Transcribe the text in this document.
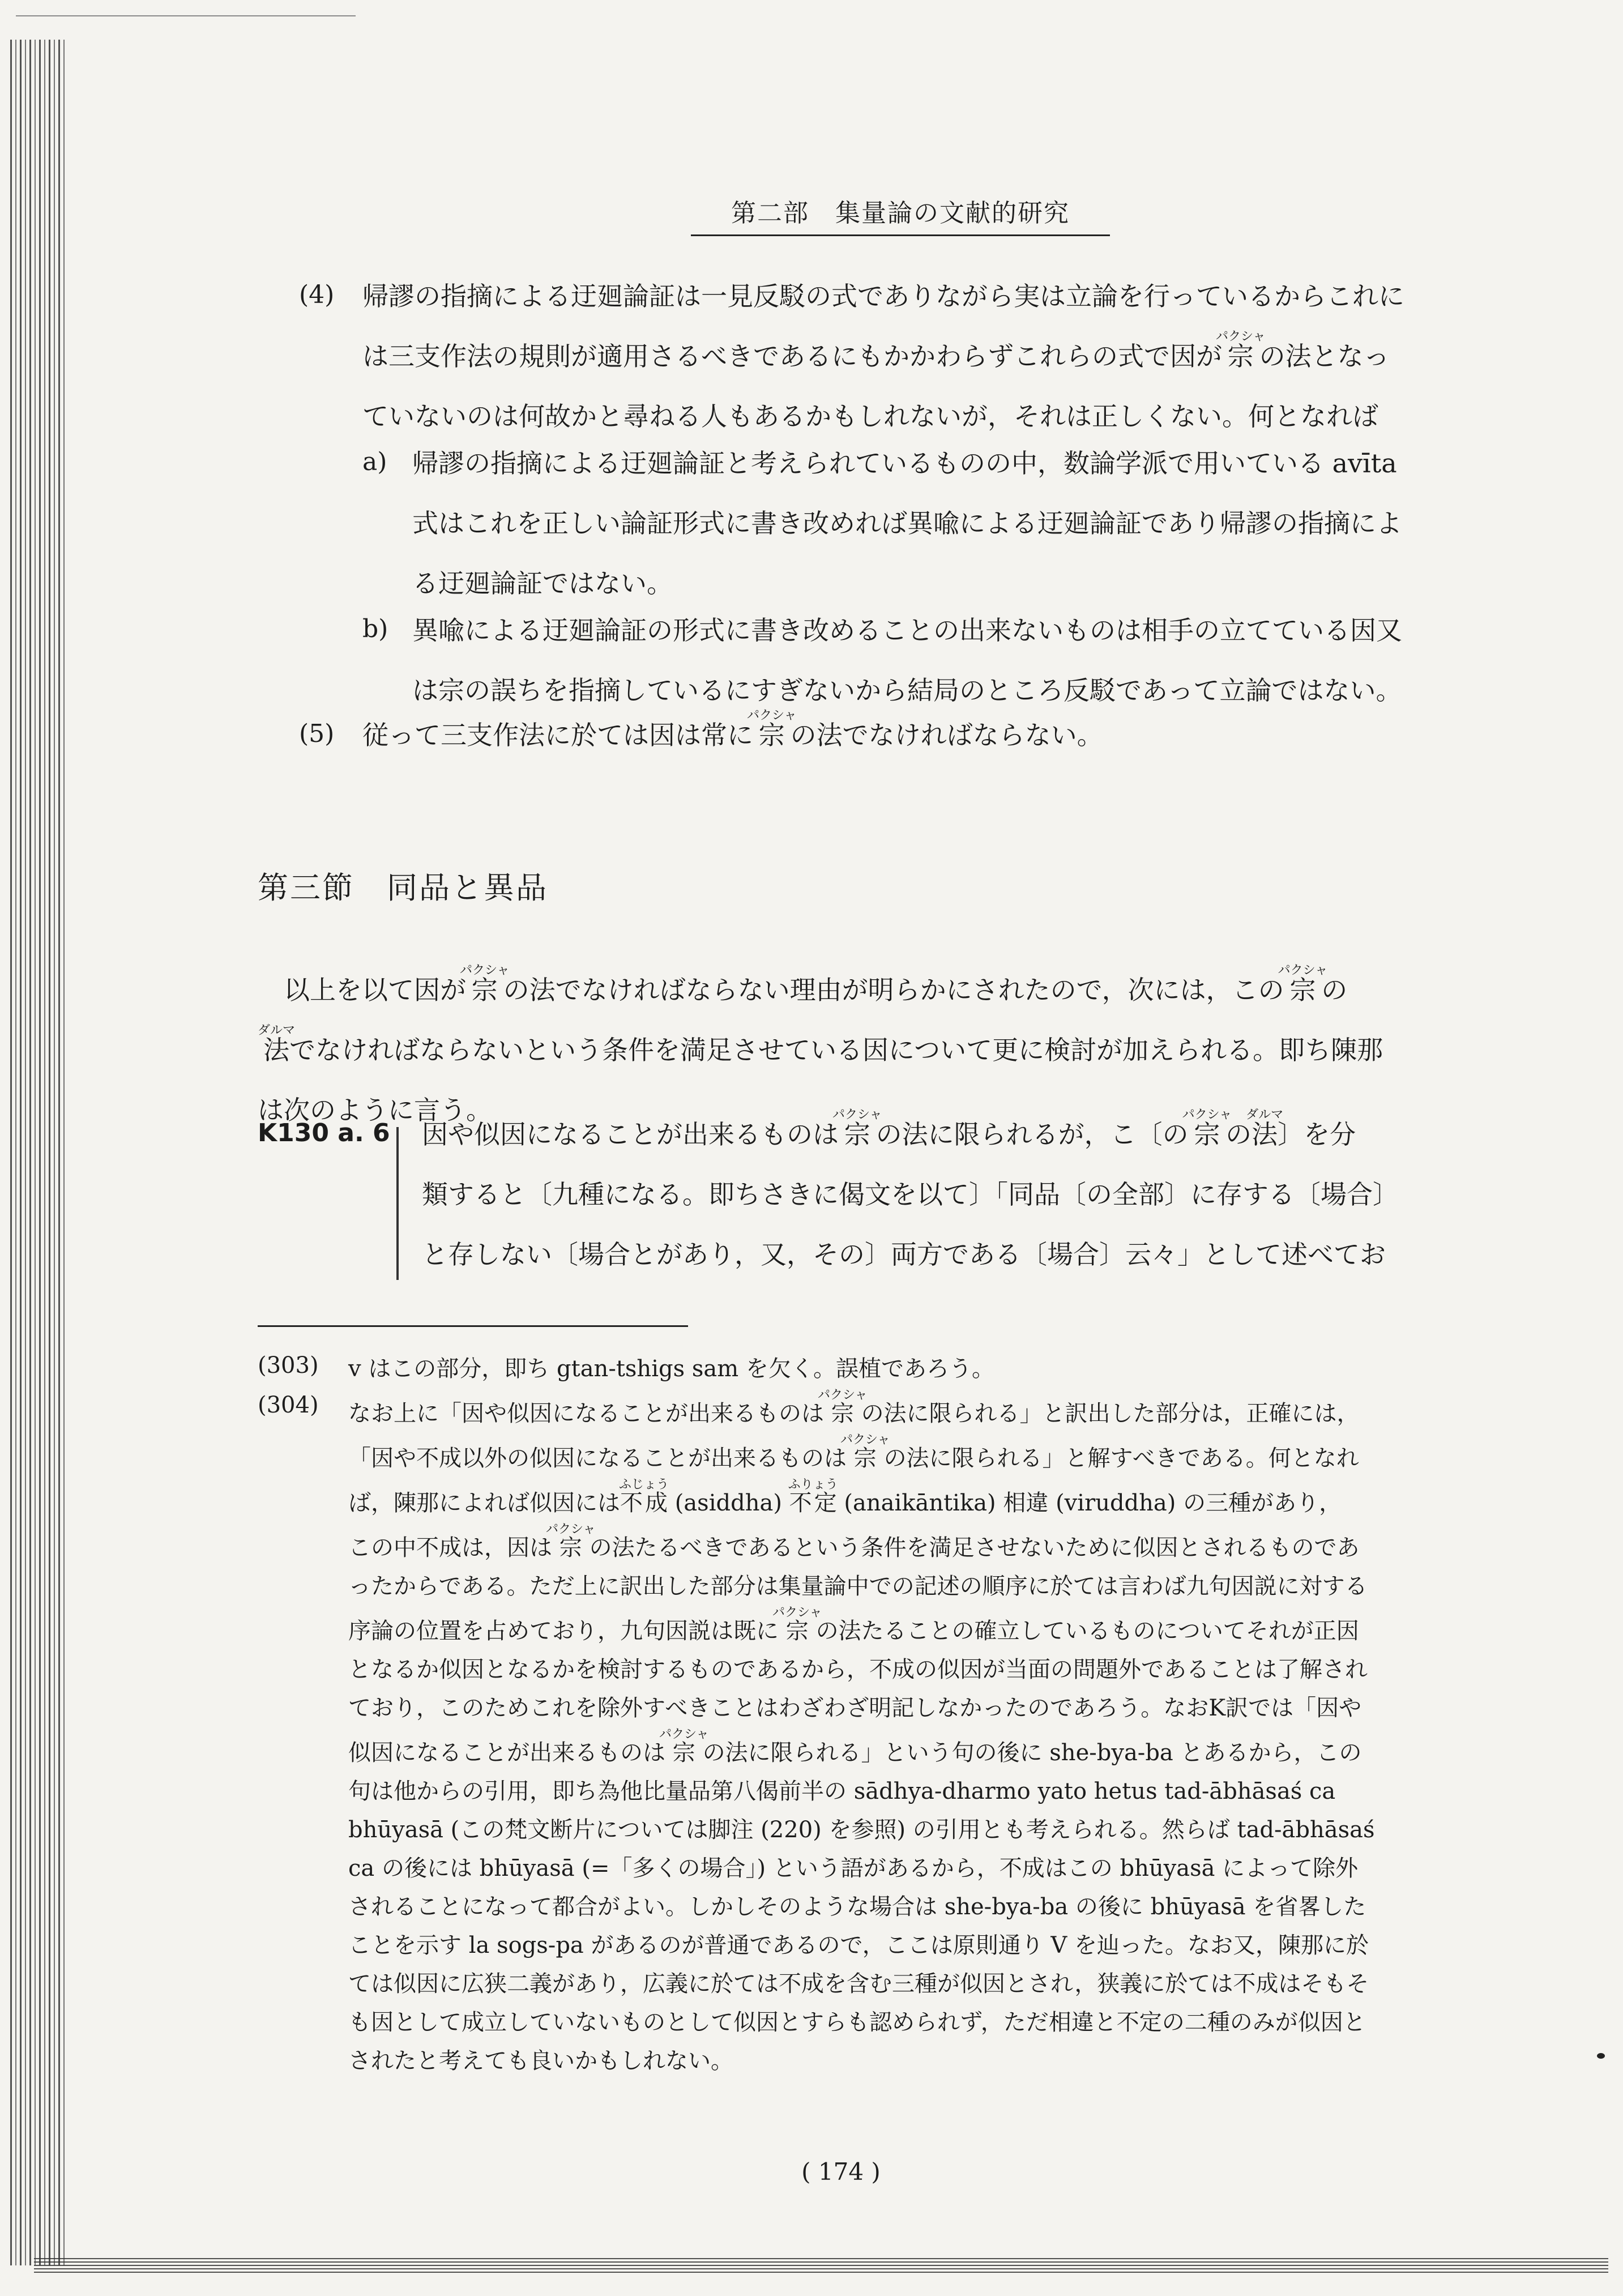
第二部　集量論の文献的研究
(4) 帰謬の指摘による迂廻論証は一見反駁の式でありながら実は立論を行っているからこれに
は三支作法の規則が適用さるべきであるにもかかわらずこれらの式で因が宗パクシャの法となっ
ていないのは何故かと尋ねる人もあるかもしれないが，それは正しくない。何となれば
a) 帰謬の指摘による迂廻論証と考えられているものの中，数論学派で用いている avīta
式はこれを正しい論証形式に書き改めれば異喩による迂廻論証であり帰謬の指摘によ
る迂廻論証ではない。
b) 異喩による迂廻論証の形式に書き改めることの出来ないものは相手の立てている因又
は宗の誤ちを指摘しているにすぎないから結局のところ反駁であって立論ではない。
(5) 従って三支作法に於ては因は常に宗パクシャの法でなければならない。
第三節　同品と異品
以上を以て因が宗パクシャの法でなければならない理由が明らかにされたので，次には，この宗パクシャの
法ダルマでなければならないという条件を満足させている因について更に検討が加えられる。即ち陳那
は次のように言う。
K130 a. 6 因や似因になることが出来るものは宗パクシャの法に限られるが，こ〔の宗パクシャの法ダルマ〕を分
類すると〔九種になる。即ちさきに偈文を以て〕「同品〔の全部〕に存する〔場合〕
と存しない〔場合とがあり，又，その〕両方である〔場合〕云々」として述べてお
(303) v はこの部分，即ち gtan-tshigs sam を欠く。誤植であろう。
(304) なお上に「因や似因になることが出来るものは宗パクシャの法に限られる」と訳出した部分は，正確には，
「因や不成以外の似因になることが出来るものは宗パクシャの法に限られる」と解すべきである。何となれ
ば，陳那によれば似因には不成ふじょう (asiddha) 不定ふりょう (anaikāntika) 相違 (viruddha) の三種があり，
この中不成は，因は宗パクシャの法たるべきであるという条件を満足させないために似因とされるものであ
ったからである。ただ上に訳出した部分は集量論中での記述の順序に於ては言わば九句因説に対する
序論の位置を占めており，九句因説は既に宗パクシャの法たることの確立しているものについてそれが正因
となるか似因となるかを検討するものであるから，不成の似因が当面の問題外であることは了解され
ており，このためこれを除外すべきことはわざわざ明記しなかったのであろう。なおK訳では「因や
似因になることが出来るものは宗パクシャの法に限られる」という句の後に she-bya-ba とあるから，この
句は他からの引用，即ち為他比量品第八偈前半の sādhya-dharmo yato hetus tad-ābhāsaś ca
bhūyasā (この梵文断片については脚注 (220) を参照) の引用とも考えられる。然らば tad-ābhāsaś
ca の後には bhūyasā (=「多くの場合」) という語があるから，不成はこの bhūyasā によって除外
されることになって都合がよい。しかしそのような場合は she-bya-ba の後に bhūyasā を省畧した
ことを示す la sogs-pa があるのが普通であるので，ここは原則通り V を辿った。なお又，陳那に於
ては似因に広狭二義があり，広義に於ては不成を含む三種が似因とされ，狭義に於ては不成はそもそ
も因として成立していないものとして似因とすらも認められず，ただ相違と不定の二種のみが似因と
されたと考えても良いかもしれない。
( 174 )
